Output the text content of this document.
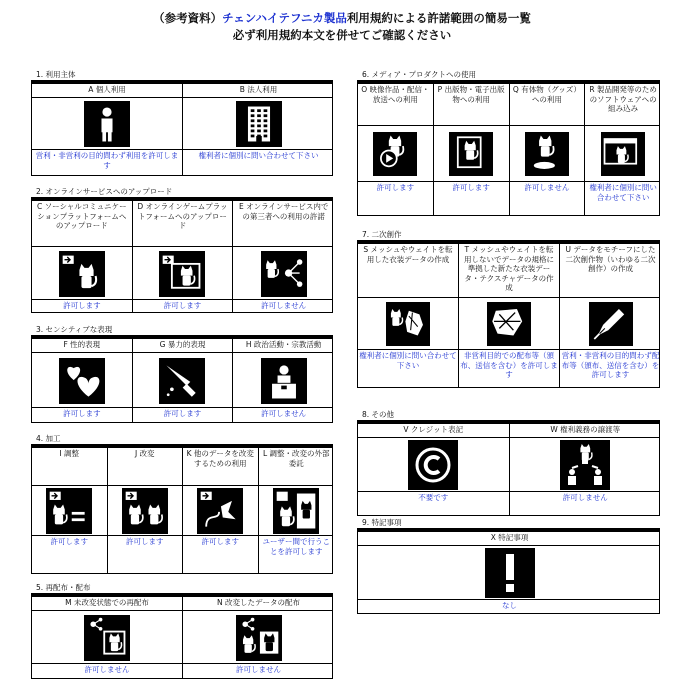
（参考資料）チェンハイテフニカ製品利用規約による許諾範囲の簡易一覧
必ず利用規約本文を併せてご確認ください
1. 利用主体
A 個人利用
営利・非営利の目的問わず利用を許可します
B 法人利用
権利者に個別に問い合わせて下さい
2. オンラインサービスへのアップロード
C ソーシャルコミュニケーションプラットフォームへのアップロード
許可します
D オンラインゲームプラットフォームへのアップロード
許可します
E オンラインサービス内での第三者への利用の許諾
許可しません
3. センシティブな表現
F 性的表現
許可します
G 暴力的表現
許可します
H 政治活動・宗教活動
許可しません
4. 加工
I 調整
許可します
J 改変
許可します
K 他のデータを改変するための利用
許可します
L 調整・改変の外部委託
ユーザー間で行うことを許可します
5. 再配布・配布
M 未改変状態での再配布
許可しません
N 改変したデータの配布
許可しません
6. メディア・プロダクトへの使用
O 映像作品・配信・放送への利用
許可します
P 出版物・電子出版物への利用
許可します
Q 有体物（グッズ）への利用
許可しません
R 製品開発等のためのソフトウェアへの組み込み
権利者に個別に問い合わせて下さい
7. 二次創作
S メッシュやウェイトを転用した衣装データの作成
権利者に個別に問い合わせて下さい
T メッシュやウェイトを転用しないでデータの規格に準拠した新たな衣装データ・テクスチャデータの作成
非営利目的での配布等（頒布、送信を含む）を許可します
U データをモチーフにした二次創作物（いわゆる二次創作）の作成
営利・非営利の目的問わず配布等（頒布、送信を含む）を許可します
8. その他
V クレジット表記
不要です
W 権利義務の譲渡等
許可しません
9. 特記事項
X 特記事項
なし
